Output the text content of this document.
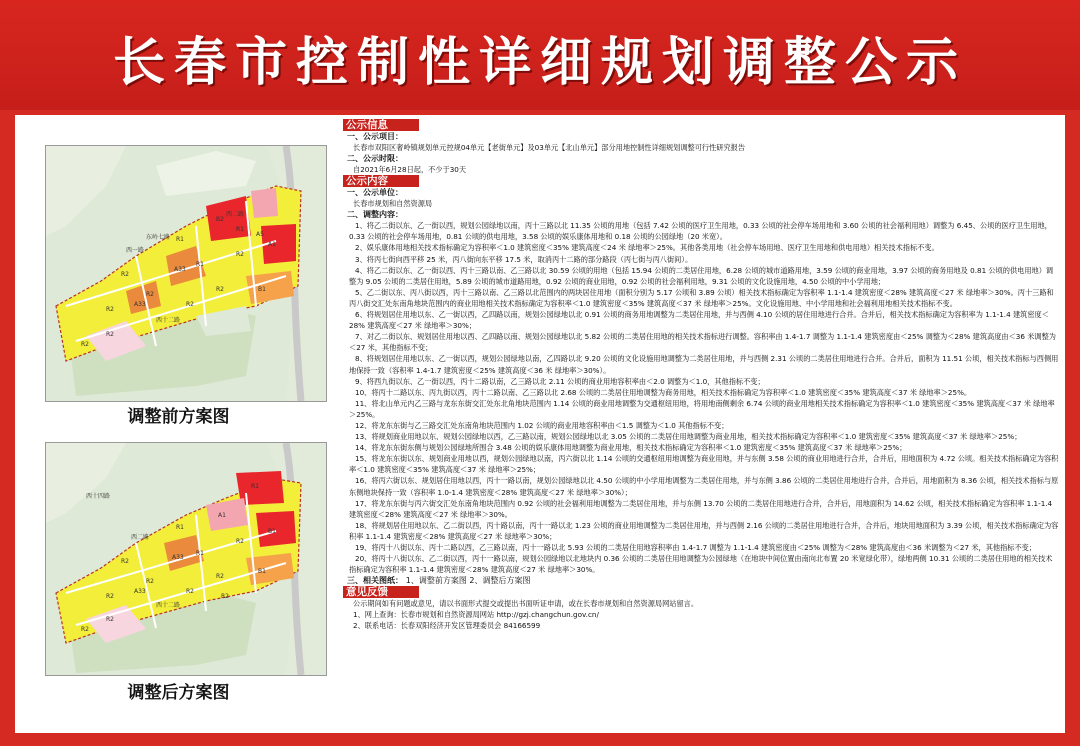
长春市控制性详细规划调整公示
东岭七路
西一路
西二路
西十二路
R2
R1
R1
R2
A33
R2
B2
R2
R2
R2
R2
A5
A1
B1
R2
R1
A33
调整前方案图
西十四路
西二路
西十二路
R2
R2
R1
R1
A1
A33
R2
B1
R2
R2
R2
R2
R2
R1
R2
A33
B1
调整后方案图
公示信息
一、公示项目：
长春市双阳区奢岭镇规划单元控规04单元【老街单元】及03单元【北山单元】部分用地控制性详细规划调整可行性研究报告
二、公示时限：
自2021年6月28日起，不少于30天
公示内容
一、公示单位：
长春市规划和自然资源局
二、调整内容：

1、将乙二街以东、乙一街以西，规划公园绿地以南，丙十三路以北 11.35 公顷的用地（包括 7.42 公顷的医疗卫生用地，0.33 公顷的社会停车场用地和 3.60 公顷的社会福利用地）调整为 6.45、公顷的医疗卫生用地，0.33 公顷的社会停车场用地，0.81 公顷的供电用地，3.58 公顷的娱乐康体用地和 0.18 公顷的公园绿地（20 米宽）。

2、娱乐康体用地相关技术指标确定为容积率＜1.0 建筑密度＜35% 建筑高度＜24 米 绿地率＞25%。其他各类用地（社会停车场用地、医疗卫生用地和供电用地）相关技术指标不变。

3、将丙七街向西平移 25 米，丙八街向东平移 17.5 米，取消丙十二路的部分路段（丙七街与丙八街间）。

4、将乙二街以东、乙一街以西、丙十三路以南、乙三路以北 30.59 公顷的用地（包括 15.94 公顷的二类居住用地，6.28 公顷的城市道路用地，3.59 公顷的商业用地，3.97 公顷的商务用地及 0.81 公顷的供电用地）调整为 9.05 公顷的二类居住用地，5.89 公顷的城市道路用地，0.92 公顷的商业用地，0.92 公顷的社会福利用地，9.31 公顷的文化设施用地，4.50 公顷的中小学用地；

5、乙二街以东、丙八街以西，丙十三路以南、乙三路以北范围内的两块居住用地（面积分别为 5.17 公顷和 3.89 公顷）相关技术指标确定为容积率 1.1-1.4 建筑密度＜28% 建筑高度＜27 米 绿地率＞30%。丙十三路和丙八街交汇处东南角地块范围内的商业用地相关技术指标确定为容积率＜1.0 建筑密度＜35% 建筑高度＜37 米 绿地率＞25%。文化设施用地、中小学用地和社会福利用地相关技术指标不变。

6、将规划居住用地以东、乙一街以西，乙四路以南，规划公园绿地以北 0.91 公顷的商务用地调整为二类居住用地，并与西侧 4.10 公顷的居住用地进行合并。合并后，相关技术指标确定为容积率为 1.1-1.4 建筑密度＜28% 建筑高度＜27 米 绿地率＞30%；

7、对乙二街以东、规划居住用地以西、乙四路以南、规划公园绿地以北 5.82 公顷的二类居住用地的相关技术指标进行调整。容积率由 1.4-1.7 调整为 1.1-1.4 建筑密度由＜25% 调整为＜28% 建筑高度由＜36 米调整为＜27 米，其他指标不变；

8、将规划居住用地以东、乙一街以西，规划公园绿地以南，乙四路以北 9.20 公顷的文化设施用地调整为二类居住用地，并与西侧 2.31 公顷的二类居住用地进行合并。合并后，面积为 11.51 公顷，相关技术指标与西侧用地保持一致（容积率 1.4-1.7 建筑密度＜25% 建筑高度＜36 米 绿地率＞30%）。

9、将西九街以东、乙一街以西，丙十二路以南，乙三路以北 2.11 公顷的商业用地容积率由＜2.0 调整为＜1.0，其他指标不变；

10、将丙十二路以东、丙九街以西，丙十二路以南、乙三路以北 2.68 公顷的二类居住用地调整为商务用地，相关技术指标确定为容积率＜1.0 建筑密度＜35% 建筑高度＜37 米 绿地率＞25%。

11、将北山单元内乙三路与龙东东街交汇处东北角地块范围内 1.14 公顷的商业用地调整为交通枢纽用地，将用地南侧剩余 6.74 公顷的商业用地相关技术指标确定为容积率＜1.0 建筑密度＜35% 建筑高度＜37 米 绿地率＞25%。

12、将龙东东街与乙三路交汇处东南角地块范围内 1.02 公顷的商业用地容积率由＜1.5 调整为＜1.0 其他指标不变；

13、将规划商业用地以东、规划公园绿地以西，乙三路以南，规划公园绿地以北 3.05 公顷的二类居住用地调整为商业用地，相关技术指标确定为容积率＜1.0 建筑密度＜35% 建筑高度＜37 米 绿地率＞25%；

14、将龙东东街东侧与规划公园绿地所围合 3.48 公顷的娱乐康体用地调整为商业用地，相关技术指标确定为容积率＜1.0 建筑密度＜35% 建筑高度＜37 米 绿地率＞25%；

15、将龙东东街以东、规划商业用地以西，规划公园绿地以南，丙六街以北 1.14 公顷的交通枢纽用地调整为商业用地，并与东侧 3.58 公顷的商业用地进行合并，合并后，用地面积为 4.72 公顷。相关技术指标确定为容积率＜1.0 建筑密度＜35% 建筑高度＜37 米 绿地率＞25%；

16、将丙六街以东、规划居住用地以西，丙十一路以南，规划公园绿地以北 4.50 公顷的中小学用地调整为二类居住用地，并与东侧 3.86 公顷的二类居住用地进行合并，合并后，用地面积为 8.36 公顷，相关技术指标与原东侧地块保持一致（容积率 1.0-1.4 建筑密度＜28% 建筑高度＜27 米 绿地率＞30%）；

17、将龙东东街与丙六街交汇处东南角地块范围内 0.92 公顷的社会福利用地调整为二类居住用地，并与东侧 13.70 公顷的二类居住用地进行合并，合并后，用地面积为 14.62 公顷，相关技术指标确定为容积率 1.1-1.4 建筑密度＜28% 建筑高度＜27 米 绿地率＞30%。

18、将规划居住用地以东、乙二街以西，丙十路以南，丙十一路以北 1.23 公顷的商业用地调整为二类居住用地，并与西侧 2.16 公顷的二类居住用地进行合并，合并后，地块用地面积为 3.39 公顷，相关技术指标确定为容积率 1.1-1.4 建筑密度＜28% 建筑高度＜27 米 绿地率＞30%；

19、将丙十八街以东、丙十二路以西，乙三路以南，丙十一路以北 5.93 公顷的二类居住用地容积率由 1.4-1.7 调整为 1.1-1.4 建筑密度由＜25% 调整为＜28% 建筑高度由＜36 米调整为＜27 米，其他指标不变；

20、将丙十八街以东、乙二街以西，丙十一路以南，规划公园绿地以北地块内 0.36 公顷的二类居住用地调整为公园绿地（在地块中间位置由南向北布置 20 米宽绿化带），绿地两侧 10.31 公顷的二类居住用地的相关技术指标确定为容积率 1.1-1.4 建筑密度＜28% 建筑高度＜27 米 绿地率＞30%。

三、相关图纸： 1、调整前方案图 2、调整后方案图
意见反馈
公示期间如有问题或意见，请以书面形式提交或提出书面听证申请，或在长春市规划和自然资源局网站留言。
1、网上查询：长春市规划和自然资源局网站 http://gzj.changchun.gov.cn/
2、联系电话：长春双阳经济开发区管理委员会 84166599
